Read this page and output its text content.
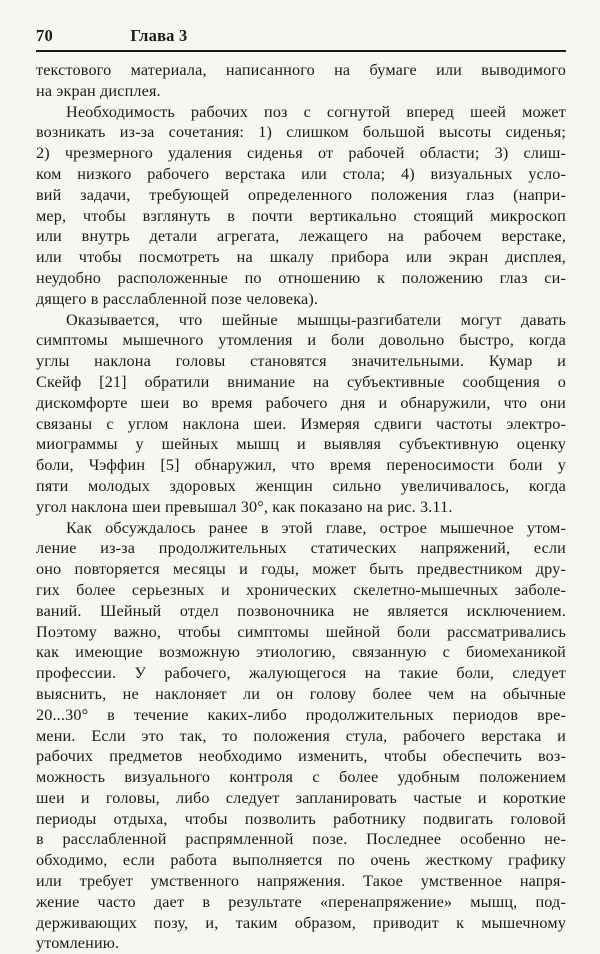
70	Глава 3
текстового материала, написанного на бумаге или выводимого
на экран дисплея.
Необходимость рабочих поз с согнутой вперед шеей может
возникать из-за сочетания: 1) слишком большой высоты сиденья;
2) чрезмерного удаления сиденья от рабочей области; 3) слиш-
ком низкого рабочего верстака или стола; 4) визуальных усло-
вий задачи, требующей определенного положения глаз (напри-
мер, чтобы взглянуть в почти вертикально стоящий микроскоп
или внутрь детали агрегата, лежащего на рабочем верстаке,
или чтобы посмотреть на шкалу прибора или экран дисплея,
неудобно расположенные по отношению к положению глаз си-
дящего в расслабленной позе человека).
Оказывается, что шейные мышцы-разгибатели могут давать
симптомы мышечного утомления и боли довольно быстро, когда
углы наклона головы становятся значительными. Кумар и
Скейф [21] обратили внимание на субъективные сообщения о
дискомфорте шеи во время рабочего дня и обнаружили, что они
связаны с углом наклона шеи. Измеряя сдвиги частоты электро-
миограммы у шейных мышц и выявляя субъективную оценку
боли, Чэффин [5] обнаружил, что время переносимости боли у
пяти молодых здоровых женщин сильно увеличивалось, когда
угол наклона шеи превышал 30°, как показано на рис. 3.11.
Как обсуждалось ранее в этой главе, острое мышечное утом-
ление из-за продолжительных статических напряжений, если
оно повторяется месяцы и годы, может быть предвестником дру-
гих более серьезных и хронических скелетно-мышечных заболе-
ваний. Шейный отдел позвоночника не является исключением.
Поэтому важно, чтобы симптомы шейной боли рассматривались
как имеющие возможную этиологию, связанную с биомеханикой
профессии. У рабочего, жалующегося на такие боли, следует
выяснить, не наклоняет ли он голову более чем на обычные
20...30° в течение каких-либо продолжительных периодов вре-
мени. Если это так, то положения стула, рабочего верстака и
рабочих предметов необходимо изменить, чтобы обеспечить воз-
можность визуального контроля с более удобным положением
шеи и головы, либо следует запланировать частые и короткие
периоды отдыха, чтобы позволить работнику подвигать головой
в расслабленной распрямленной позе. Последнее особенно не-
обходимо, если работа выполняется по очень жесткому графику
или требует умственного напряжения. Такое умственное напря-
жение часто дает в результате «перенапряжение» мышц, под-
держивающих позу, и, таким образом, приводит к мышечному
утомлению.
